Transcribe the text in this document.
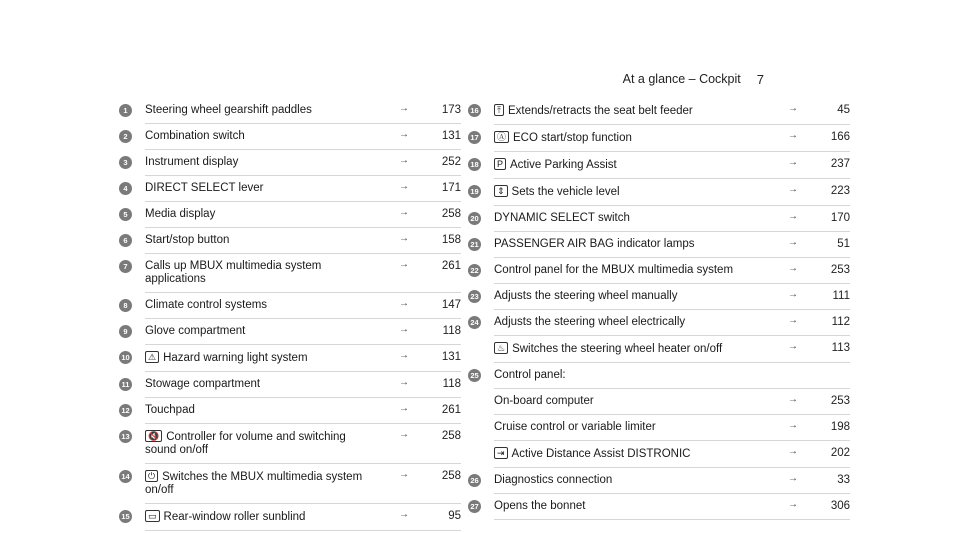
At a glance – Cockpit 7
1	Steering wheel gearshift paddles	→	173
2	Combination switch	→	131
3	Instrument display	→	252
4	DIRECT SELECT lever	→	171
5	Media display	→	258
6	Start/stop button	→	158
7	Calls up MBUX multimedia system applications
→	261
8	Climate control systems	→	147
9	Glove compartment	→	118
10	⚠ Hazard warning light system	→	131
11 Stowage compartment	→	118
12 Touchpad	→	261
13	🔇 Controller for volume and switching sound on/off
→	258
14	⏻ Switches the MBUX multimedia system on/off
→	258
15	▭ Rear-window roller sunblind	→	95
16	⤒ Extends/retracts the seat belt feeder	→	45
17	Ⓐ ECO start/stop function	→	166
18	P Active Parking Assist	→	237
19	⇕ Sets the vehicle level	→	223
20 DYNAMIC SELECT switch	→	170
21 PASSENGER AIR BAG indicator lamps	→	51
22 Control panel for the MBUX multimedia system	→	253
23 Adjusts the steering wheel manually	→	111
24 Adjusts the steering wheel electrically	→	112
♨ Switches the steering wheel heater on/off	→	113
25 Control panel:
On-board computer	→	253
Cruise control or variable limiter	→	198
⇥ Active Distance Assist DISTRONIC	→	202
26 Diagnostics connection	→	33
27 Opens the bonnet	→	306
